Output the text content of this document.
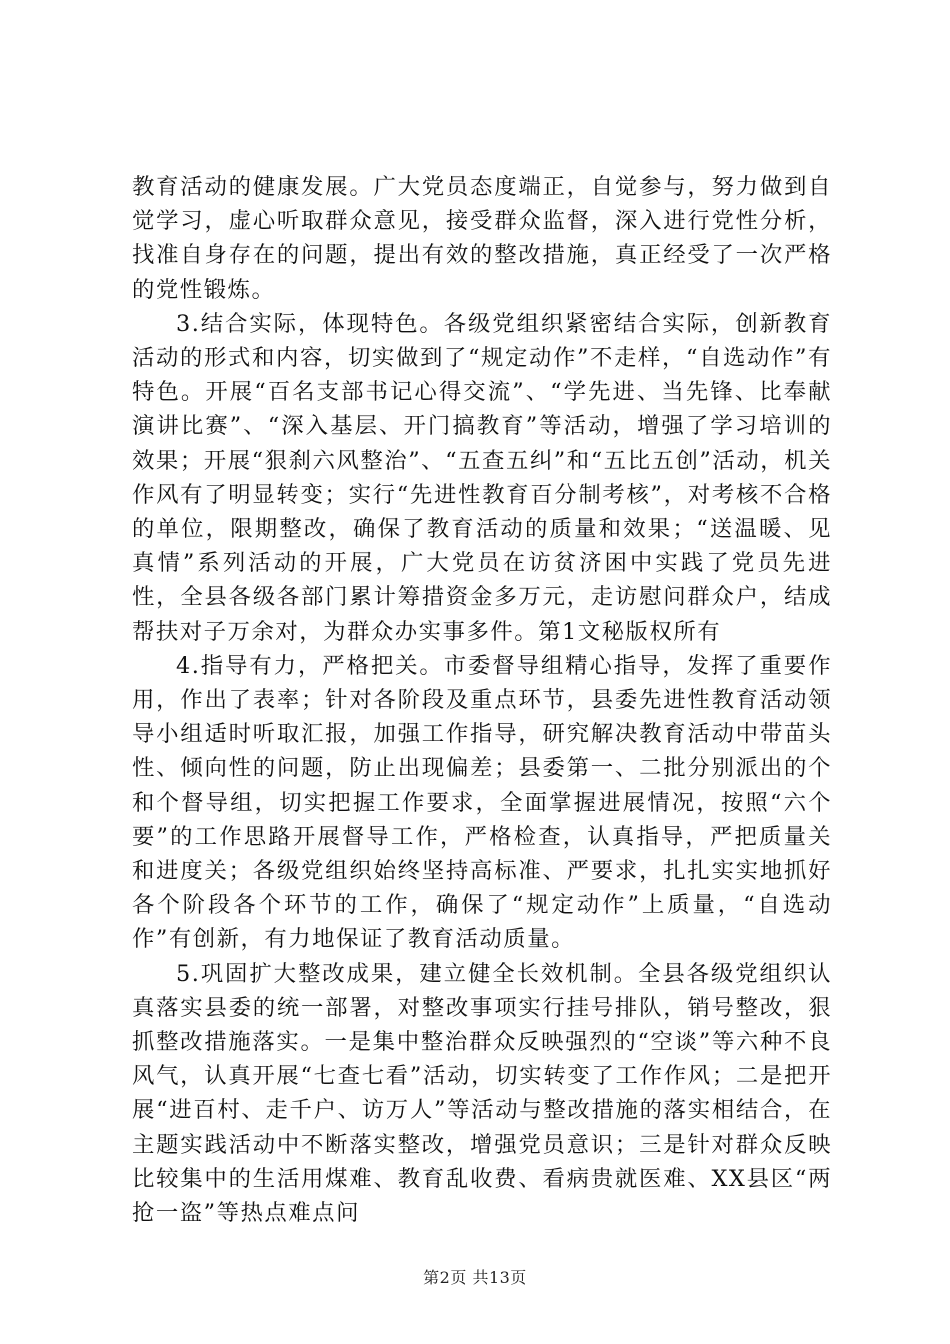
教育活动的健康发展。广大党员态度端正，自觉参与，努力做到自觉学习，虚心听取群众意见，接受群众监督，深入进行党性分析，找准自身存在的问题，提出有效的整改措施，真正经受了一次严格的党性锻炼。

3.结合实际，体现特色。各级党组织紧密结合实际，创新教育活动的形式和内容，切实做到了“规定动作”不走样，“自选动作”有特色。开展“百名支部书记心得交流”、“学先进、当先锋、比奉献演讲比赛”、“深入基层、开门搞教育”等活动，增强了学习培训的效果；开展“狠刹六风整治”、“五查五纠”和“五比五创”活动，机关作风有了明显转变；实行“先进性教育百分制考核”，对考核不合格的单位，限期整改，确保了教育活动的质量和效果；“送温暖、见真情”系列活动的开展，广大党员在访贫济困中实践了党员先进性，全县各级各部门累计筹措资金多万元，走访慰问群众户，结成帮扶对子万余对，为群众办实事多件。第1文秘版权所有

4.指导有力，严格把关。市委督导组精心指导，发挥了重要作用，作出了表率；针对各阶段及重点环节，县委先进性教育活动领导小组适时听取汇报，加强工作指导，研究解决教育活动中带苗头性、倾向性的问题，防止出现偏差；县委第一、二批分别派出的个和个督导组，切实把握工作要求，全面掌握进展情况，按照“六个要”的工作思路开展督导工作，严格检查，认真指导，严把质量关和进度关；各级党组织始终坚持高标准、严要求，扎扎实实地抓好各个阶段各个环节的工作，确保了“规定动作”上质量，“自选动作”有创新，有力地保证了教育活动质量。

5.巩固扩大整改成果，建立健全长效机制。全县各级党组织认真落实县委的统一部署，对整改事项实行挂号排队，销号整改，狠抓整改措施落实。一是集中整治群众反映强烈的“空谈”等六种不良风气，认真开展“七查七看”活动，切实转变了工作作风；二是把开展“进百村、走千户、访万人”等活动与整改措施的落实相结合，在主题实践活动中不断落实整改，增强党员意识；三是针对群众反映比较集中的生活用煤难、教育乱收费、看病贵就医难、XX县区“两抢一盗”等热点难点问

第2页 共13页
